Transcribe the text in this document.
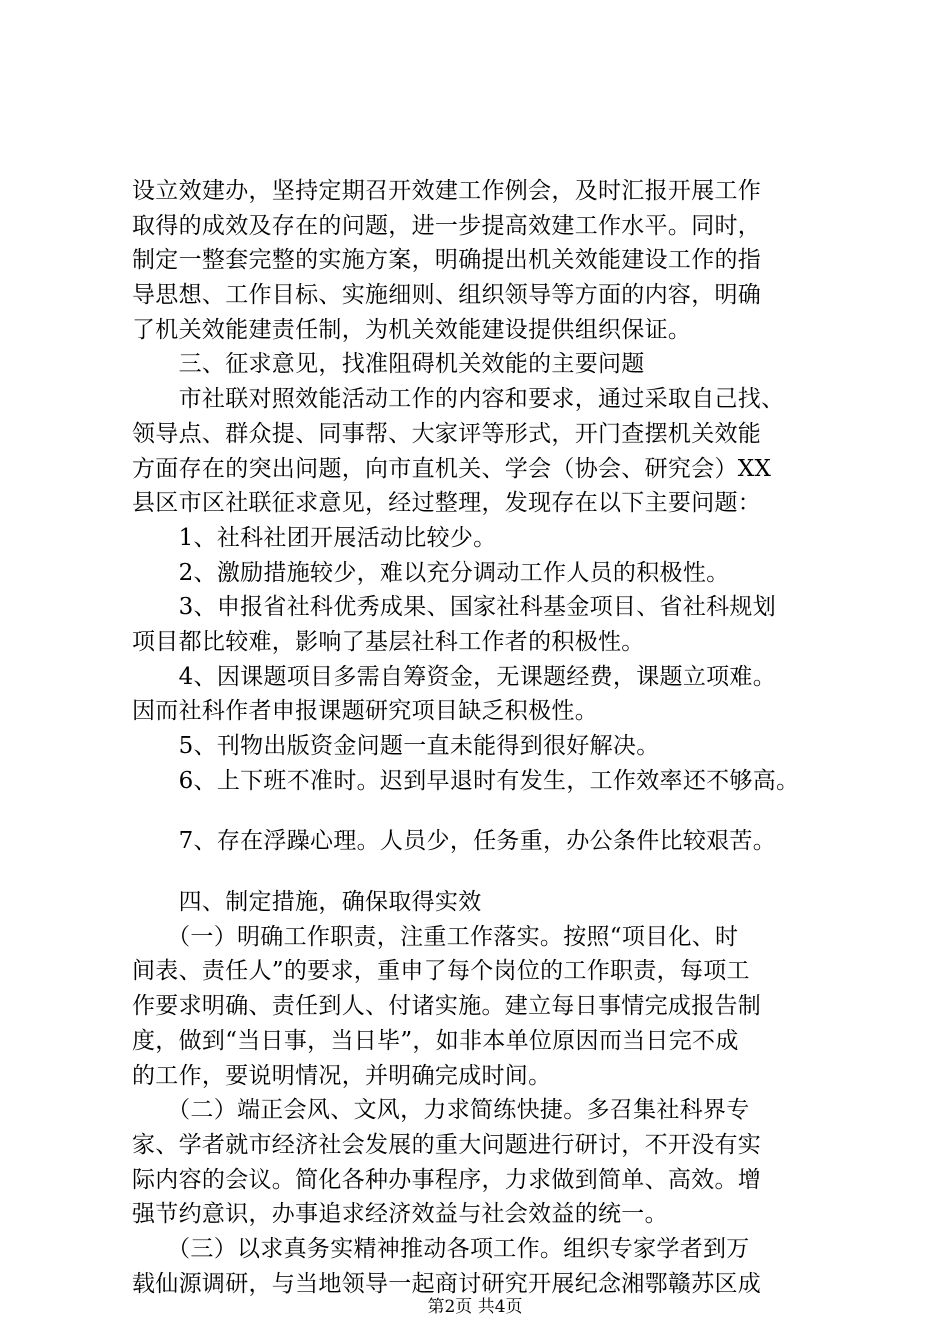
设立效建办，坚持定期召开效建工作例会，及时汇报开展工作
取得的成效及存在的问题，进一步提高效建工作水平。同时，
制定一整套完整的实施方案，明确提出机关效能建设工作的指
导思想、工作目标、实施细则、组织领导等方面的内容，明确
了机关效能建责任制，为机关效能建设提供组织保证。
　　三、征求意见，找准阻碍机关效能的主要问题
　　市社联对照效能活动工作的内容和要求，通过采取自己找、
领导点、群众提、同事帮、大家评等形式，开门查摆机关效能
方面存在的突出问题，向市直机关、学会（协会、研究会）XX
县区市区社联征求意见，经过整理，发现存在以下主要问题：
　　1、社科社团开展活动比较少。
　　2、激励措施较少，难以充分调动工作人员的积极性。
　　3、申报省社科优秀成果、国家社科基金项目、省社科规划
项目都比较难，影响了基层社科工作者的积极性。
　　4、因课题项目多需自筹资金，无课题经费，课题立项难。
因而社科作者申报课题研究项目缺乏积极性。
　　5、刊物出版资金问题一直未能得到很好解决。
　　6、上下班不准时。迟到早退时有发生，工作效率还不够高。
　　7、存在浮躁心理。人员少，任务重，办公条件比较艰苦。
　　四、制定措施，确保取得实效
　　（一）明确工作职责，注重工作落实。按照“项目化、时
间表、责任人”的要求，重申了每个岗位的工作职责，每项工
作要求明确、责任到人、付诸实施。建立每日事情完成报告制
度，做到“当日事，当日毕”，如非本单位原因而当日完不成
的工作，要说明情况，并明确完成时间。
　　（二）端正会风、文风，力求简练快捷。多召集社科界专
家、学者就市经济社会发展的重大问题进行研讨，不开没有实
际内容的会议。简化各种办事程序，力求做到简单、高效。增
强节约意识，办事追求经济效益与社会效益的统一。
　　（三）以求真务实精神推动各项工作。组织专家学者到万
载仙源调研，与当地领导一起商讨研究开展纪念湘鄂赣苏区成
第2页 共4页
